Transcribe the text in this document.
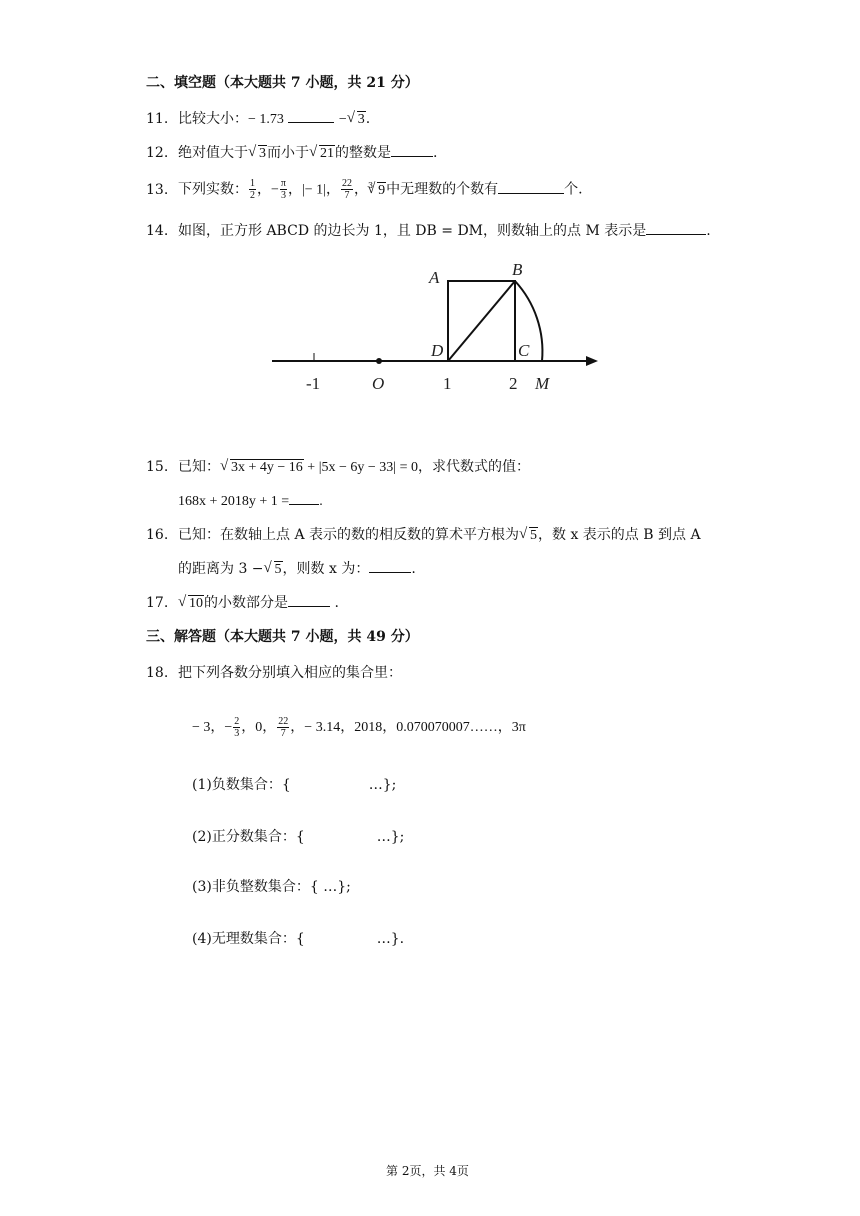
二、填空题（本大题共 7 小题，共 21 分）
11. 比较大小：− 1.73	− √ 3.
12. 绝对值大于 √ 3而小于 √ 21的整数是	.
13. 下列实数： $\frac{1}{2}$ ，− $\frac{\pi}{3}$ ，|− 1|， $\frac{22}{7}$ ，$^3$ √ 9中无理数的个数有	个.
14. 如图，正方形 ABCD 的边长为 1，且 DB = DM，则数轴上的点 M 表示是	.
A	B
C
D
M
O
-1	1	2
15. 已知： √ 3x + 4y − 16 + |5x − 6y − 33| = 0，求代数式的值：
168x + 2018y + 1 = .
16. 已知：在数轴上点 A 表示的数的相反数的算术平方根为 √ 5，数 x 表示的点 B 到点 A
的距离为 3 − √ 5，则数 x 为：	.
17. √ 10的小数部分是	.
三、解答题（本大题共 7 小题，共 49 分）
18. 把下列各数分别填入相应的集合里：
− 3，− $\frac{2}{3}$ ，0， $\frac{22}{7}$ ，− 3.14，2018，0.070070007……，3π
(1)负数集合：{	…};
(2)正分数集合：{	…};
(3)非负整数集合：{ …};
(4)无理数集合：{	…}.
第 2页，共 4页
